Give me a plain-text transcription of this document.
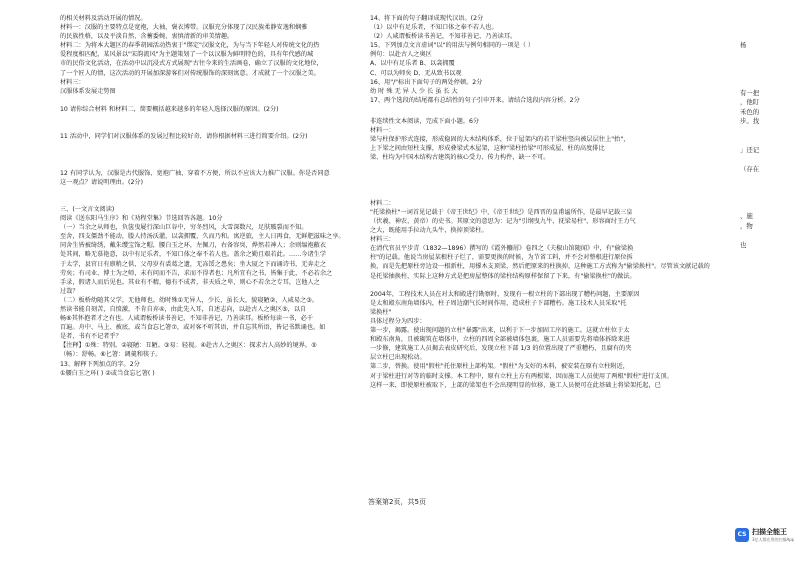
的相关材料及活动开展的情况。
材料一：汉服的主要特点是宽袍，大袖，褒衣博带。汉服充分体现了汉民族柔静安逸和娴雅
的民族性格，以及平淡自然、含蓄委婉、衷慎清新的审美情趣。
材料二：为将本大题区的春季胡园活动热衷于"绑定"汉服文化，为与当下年轻人对传统文化的热
爱程度相匹配，某风景以"宋韵流风"为主题策划了一个以汉服为鲜明特色的，具有年代感的城
市的民俗文化活动，在活动中以沉浸式方式展现"古往今来的生活画卷，确立了汉服的文化地位，
了一个匠人的情，这次活动的开展加深游客们对传统服饰的深刻寓意。才成就了一个汉服之美。
材料三：
汉服体系发展走势图

10 请你综合材料 和材料二，简要概括越来越多的年轻人选择汉服的原因。(2分)

11 活动中，同学们对汉服体系的发展过程比较好奇，请你根据材料三进行简要介绍。(2分)

12 有同学认为，汉服是古代服饰，宽袍广袖，穿着不方便，所以不应该大力推广汉服。你是否同意
这一观点？请说明理由。(2分)

三、(一文言文阅读)
阅读《送东阳马生序》和《劝程堂集》节选回答各题。10分
（一）当余之从师也，负箧曳屣行深山巨谷中，穷冬烈风，大雪深数尺，足肤皲裂而不知。
至舍，四支僵劲不能动，媵人持汤沃灌，以衾拥覆，久而乃和。寓逆旅，主人日再食，无鲜肥滋味之享。
同舍生皆被绮绣，戴朱缨宝饰之帽，腰白玉之环，左佩刀，右备容臭，烨然若神人；余则缊袍敝衣
处其间，略无慕艳意，以中有足乐者，不知口体之奉不若人也。盖余之勤且艰若此。……今诸生学
于太学，县官日有廪稍之供，父母岁有裘葛之遗，无冻馁之患矣；坐大厦之下而诵诗书，无奔走之
劳矣；有司业、博士为之师，未有问而不告，求而不得者也；凡所宜有之书，皆集于此，不必若余之
手录，假诸人而后见也。其业有不精，德有不成者，非天质之卑，则心不若余之专耳，岂他人之
过哉？
（二）板桥幼随其父学，无他师也。幼时殊①无异人，少长，虽长大，貌寝陋②，人咸易之③。
然读书能自刻苦，自愤激，不肯自弃④，由此先入耳，自述志向，以赴古人之奥区⑤，以自
畅⑥其怀抱者才之有也。人咸谓板桥读书善记，不知非善记，乃善读耳。板桥每读一书，必千
百遍。舟中、马上、被底，或当食忘匕箸⑦，或对客不听其语，并自忘其所语，皆记书默诵也。如
是者，书有不记者乎？
【注释】①殊：特别。②寝陋：丑陋。③易：轻视。④赴古人之奥区：探求古人高妙的境界。⑤
（畅）：舒畅。⑥匕箸：调羹和筷子。
13、解释下列加点的字。2分
①腰白玉之环( ) ②或当食忘匕箸( )
14、将下面的句子翻译成现代汉语。(2分
（1）以中有足乐者，不知口体之奉不若人也。
（2）人咸谓板桥读书善记，不知非善记，乃善读耳。
15、下列加点文言虚词"以"的用法与例句相同的一项是（ ）
例句：以赴古人之奥区
A、以中有足乐者 B、以衾拥覆
C、可以为师矣 D、无从致书以观
16、用"/"标出下面句子的两处停顿。2分
幼 时 殊 无 异 人 少 长 虽 长 大
17、两个选段的结尾都有总结性的句子引申开来。请结合选段内容分析。2分
非连续性文本阅读，完成下面小题。6分
材料一：
梁与柱保护形式连接，形成稳固的大木结构体系，位于屋架内的若干梁柱竖向被层层往上"抬"，
上下梁之间由短柱支撑，形成叠梁式木屋架，这种"梁柱抬梁"可形成屋、柱的高度排比
梁、柱均为中国木结构古建筑的核心受力、传力构件，缺一不可。

材料二：
"托梁换柱"一词首见记载于《帝王世纪》中，《帝王世纪》是西晋的皇甫谧所作，是最早记载三皇
（伏羲、神农、黄帝）的史书。其原文的意思为：记为"引纲曳九牛，抚梁易柱"，形容商纣王力气
之大，既能用手拉动九头牛，换掉顶梁柱。
材料三：
在清代官员平步青（1832—1896）撰写的《霞外攟屑》卷四之《夫椒山馆随闻》中，有"偷梁换
柱"的记载。他说当房屋某根柱子烂了，需要更换的时候，为节省工料，并不会对整根进行原位拆
换，而是先把原柱旁边设一根新柱，用撑木支顶梁，然后把原来的柱换掉，这种施工方式称为"偷梁换柱"。尽管该文献记载的
是托梁抽换柱，实际上这种方式是把房屋整体的梁柱结构原样保留了下来，有"偷梁换柱"的做法。

2004年，工程技术人员在对太和殿进行勘察时，发现有一根立柱的下部出现了糟朽问题，主要原因
是太和殿东南角墙体内，柱子周边潮气长时间作用，造成柱子下部糟朽。施工技术人员采取"托
梁换柱"
具体过程分为四步：
第一步，揭露。使出现问题的立柱"暴露"出来，以利于下一步加固工序的施工。这就立柱位于太
和殿东南角，且被砌筑在墙体中，立柱的四周全部被墙体包裹，施工人员需要先将墙体拆除来进
一步修，建筑施工人员揭去表皮研究后，发现立柱下部 1/3 的位置出现了严重糟朽，且腐有的夹
层立柱已出现松动。
第二步，替换。使用"假柱"托住原柱上部构架。"假柱"为支好的木料，被安装在原有立柱附近，
对于梁柱进行对等的临时支撑。本工程中，原有立柱上方有两根梁，因而施工人员使用了两根"假柱"进行支顶。
这样一来，即使原柱被取下，上部的梁架也不会出现明显的位移，施工人员便可在此基础上将梁架托起，已

杨

有一把
，他盯
禾色的
步。找

」还记

（存在

、施
，物

也
答案第2页，共5页
CS 扫描全能王
3亿人都在用的扫描App
